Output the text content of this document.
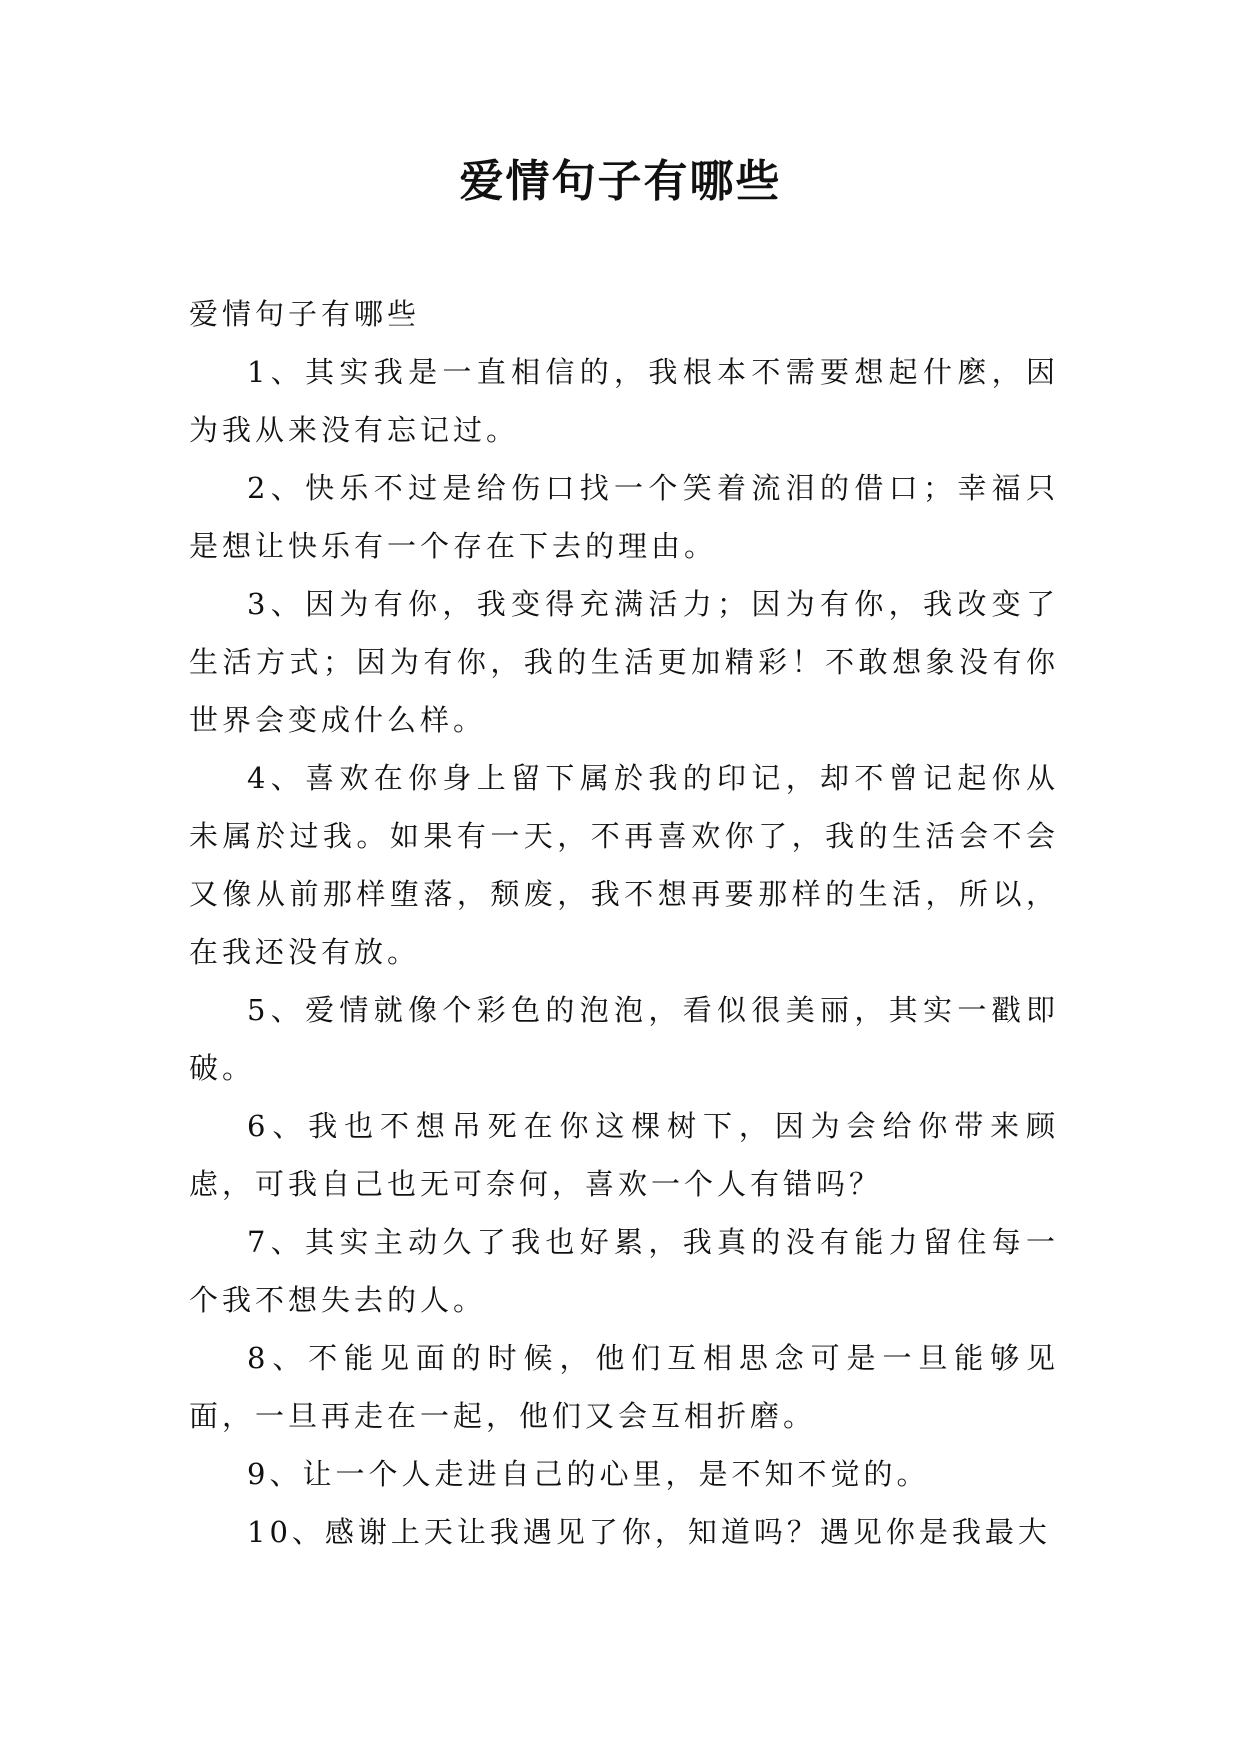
爱情句子有哪些

爱情句子有哪些

1、其实我是一直相信的，我根本不需要想起什麽，因为我从来没有忘记过。

2、快乐不过是给伤口找一个笑着流泪的借口；幸福只是想让快乐有一个存在下去的理由。

3、因为有你，我变得充满活力；因为有你，我改变了生活方式；因为有你，我的生活更加精彩！不敢想象没有你世界会变成什么样。

4、喜欢在你身上留下属於我的印记，却不曾记起你从未属於过我。如果有一天，不再喜欢你了，我的生活会不会又像从前那样堕落，颓废，我不想再要那样的生活，所以，在我还没有放。

5、爱情就像个彩色的泡泡，看似很美丽，其实一戳即破。

6、我也不想吊死在你这棵树下，因为会给你带来顾虑，可我自己也无可奈何，喜欢一个人有错吗？

7、其实主动久了我也好累，我真的没有能力留住每一个我不想失去的人。

8、不能见面的时候，他们互相思念可是一旦能够见面，一旦再走在一起，他们又会互相折磨。

9、让一个人走进自己的心里，是不知不觉的。

10、感谢上天让我遇见了你，知道吗？遇见你是我最大
